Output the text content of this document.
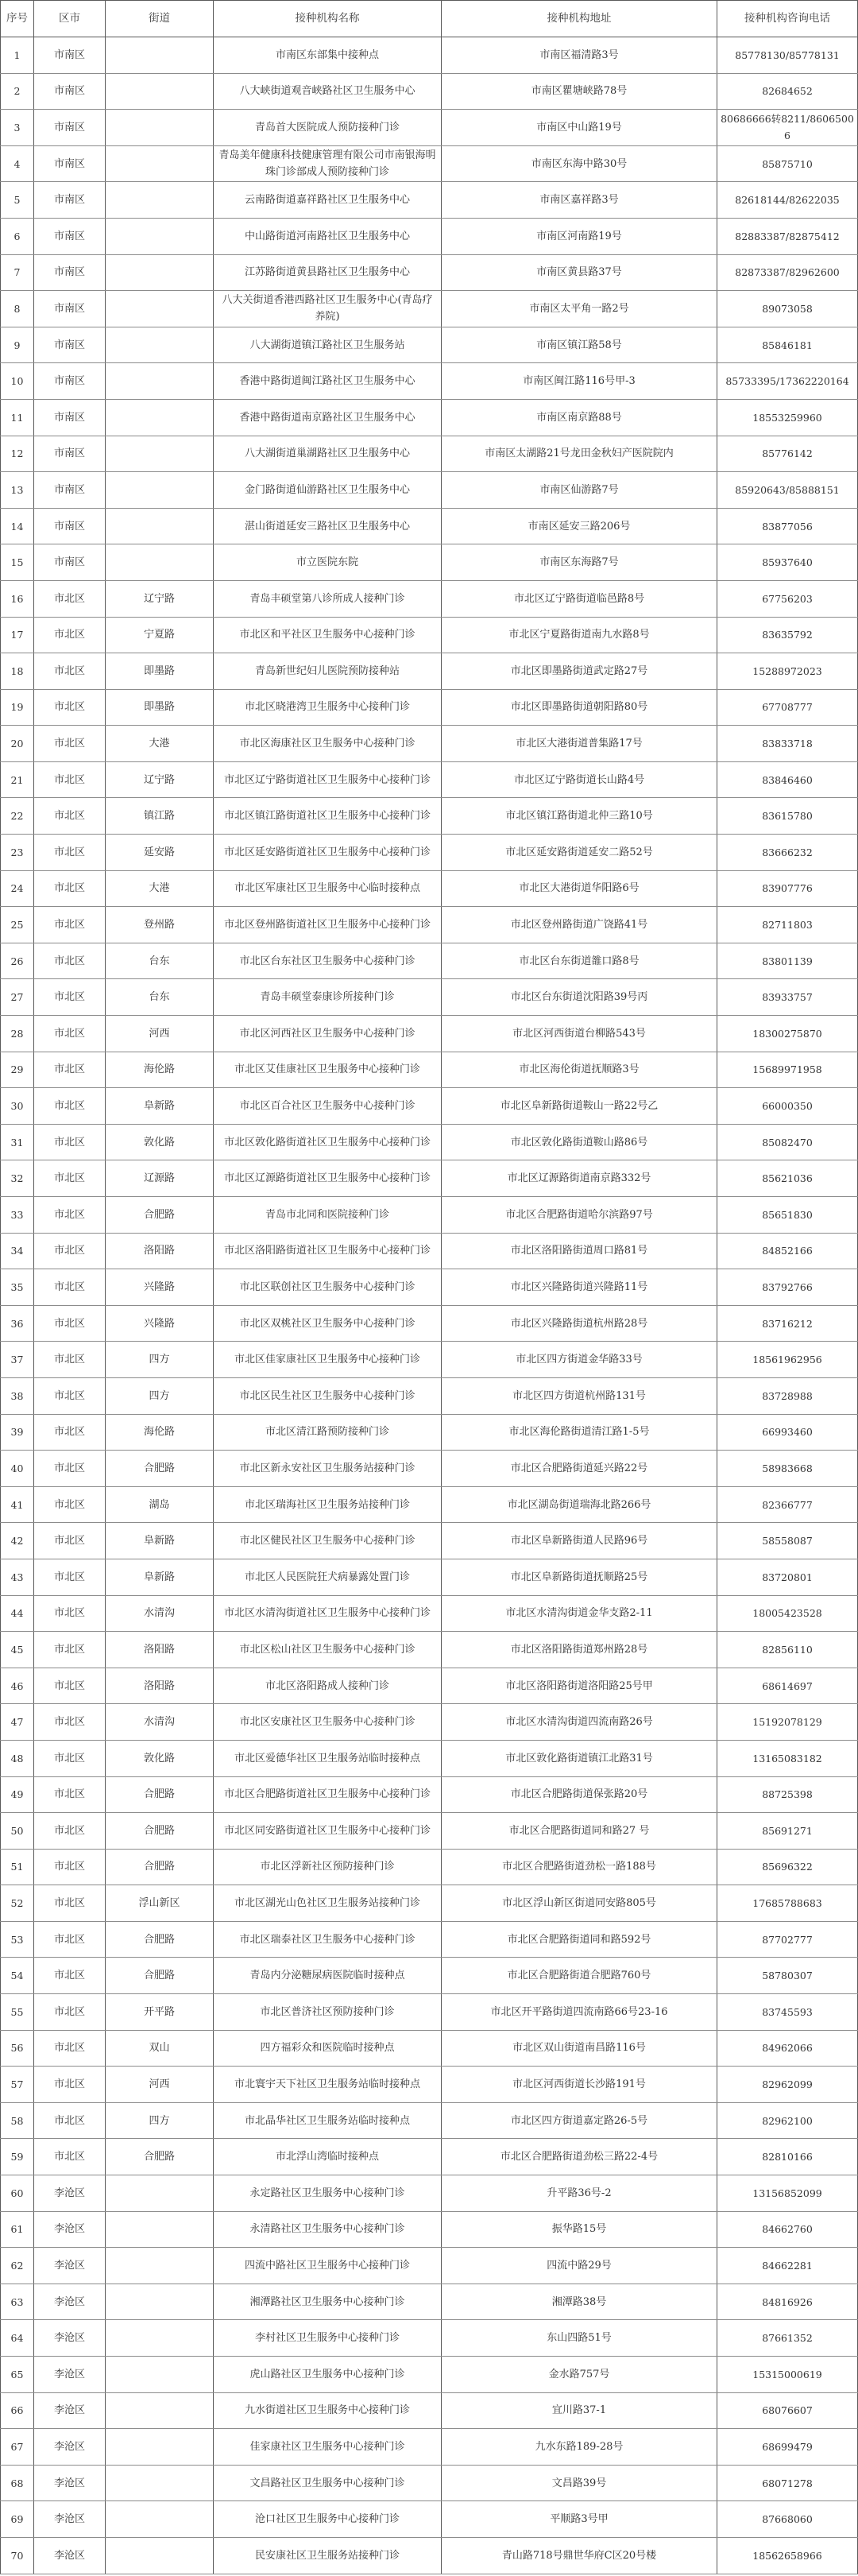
序号	区市	街道	接种机构名称	接种机构地址	接种机构咨询电话
1	市南区		市南区东部集中接种点	市南区福清路3号	85778130/85778131
2	市南区		八大峡街道观音峡路社区卫生服务中心	市南区瞿塘峡路78号	82684652
3	市南区		青岛首大医院成人预防接种门诊	市南区中山路19号	80686666转8211/86065006
4	市南区		青岛美年健康科技健康管理有限公司市南银海明珠门诊部成人预防接种门诊	市南区东海中路30号	85875710
5	市南区		云南路街道嘉祥路社区卫生服务中心	市南区嘉祥路3号	82618144/82622035
6	市南区		中山路街道河南路社区卫生服务中心	市南区河南路19号	82883387/82875412
7	市南区		江苏路街道黄县路社区卫生服务中心	市南区黄县路37号	82873387/82962600
8	市南区		八大关街道香港西路社区卫生服务中心(青岛疗养院)	市南区太平角一路2号	89073058
9	市南区		八大湖街道镇江路社区卫生服务站	市南区镇江路58号	85846181
10	市南区		香港中路街道闽江路社区卫生服务中心	市南区闽江路116号甲-3	85733395/17362220164
11	市南区		香港中路街道南京路社区卫生服务中心	市南区南京路88号	18553259960
12	市南区		八大湖街道巢湖路社区卫生服务中心	市南区太湖路21号龙田金秋妇产医院院内	85776142
13	市南区		金门路街道仙游路社区卫生服务中心	市南区仙游路7号	85920643/85888151
14	市南区		湛山街道延安三路社区卫生服务中心	市南区延安三路206号	83877056
15	市南区		市立医院东院	市南区东海路7号	85937640
16	市北区	辽宁路	青岛丰硕堂第八诊所成人接种门诊	市北区辽宁路街道临邑路8号	67756203
17	市北区	宁夏路	市北区和平社区卫生服务中心接种门诊	市北区宁夏路街道南九水路8号	83635792
18	市北区	即墨路	青岛新世纪妇儿医院预防接种站	市北区即墨路街道武定路27号	15288972023
19	市北区	即墨路	市北区晓港湾卫生服务中心接种门诊	市北区即墨路街道朝阳路80号	67708777
20	市北区	大港	市北区海康社区卫生服务中心接种门诊	市北区大港街道普集路17号	83833718
21	市北区	辽宁路	市北区辽宁路街道社区卫生服务中心接种门诊	市北区辽宁路街道长山路4号	83846460
22	市北区	镇江路	市北区镇江路街道社区卫生服务中心接种门诊	市北区镇江路街道北仲三路10号	83615780
23	市北区	延安路	市北区延安路街道社区卫生服务中心接种门诊	市北区延安路街道延安二路52号	83666232
24	市北区	大港	市北区军康社区卫生服务中心临时接种点	市北区大港街道华阳路6号	83907776
25	市北区	登州路	市北区登州路街道社区卫生服务中心接种门诊	市北区登州路街道广饶路41号	82711803
26	市北区	台东	市北区台东社区卫生服务中心接种门诊	市北区台东街道雒口路8号	83801139
27	市北区	台东	青岛丰硕堂泰康诊所接种门诊	市北区台东街道沈阳路39号丙	83933757
28	市北区	河西	市北区河西社区卫生服务中心接种门诊	市北区河西街道台柳路543号	18300275870
29	市北区	海伦路	市北区艾佳康社区卫生服务中心接种门诊	市北区海伦街道抚顺路3号	15689971958
30	市北区	阜新路	市北区百合社区卫生服务中心接种门诊	市北区阜新路街道鞍山一路22号乙	66000350
31	市北区	敦化路	市北区敦化路街道社区卫生服务中心接种门诊	市北区敦化路街道鞍山路86号	85082470
32	市北区	辽源路	市北区辽源路街道社区卫生服务中心接种门诊	市北区辽源路街道南京路332号	85621036
33	市北区	合肥路	青岛市北同和医院接种门诊	市北区合肥路街道哈尔滨路97号	85651830
34	市北区	洛阳路	市北区洛阳路街道社区卫生服务中心接种门诊	市北区洛阳路街道周口路81号	84852166
35	市北区	兴隆路	市北区联创社区卫生服务中心接种门诊	市北区兴隆路街道兴隆路11号	83792766
36	市北区	兴隆路	市北区双桃社区卫生服务中心接种门诊	市北区兴隆路街道杭州路28号	83716212
37	市北区	四方	市北区佳家康社区卫生服务中心接种门诊	市北区四方街道金华路33号	18561962956
38	市北区	四方	市北区民生社区卫生服务中心接种门诊	市北区四方街道杭州路131号	83728988
39	市北区	海伦路	市北区清江路预防接种门诊	市北区海伦路街道清江路1-5号	66993460
40	市北区	合肥路	市北区新永安社区卫生服务站接种门诊	市北区合肥路街道延兴路22号	58983668
41	市北区	湖岛	市北区瑞海社区卫生服务站接种门诊	市北区湖岛街道瑞海北路266号	82366777
42	市北区	阜新路	市北区健民社区卫生服务中心接种门诊	市北区阜新路街道人民路96号	58558087
43	市北区	阜新路	市北区人民医院狂犬病暴露处置门诊	市北区阜新路街道抚顺路25号	83720801
44	市北区	水清沟	市北区水清沟街道社区卫生服务中心接种门诊	市北区水清沟街道金华支路2-11	18005423528
45	市北区	洛阳路	市北区松山社区卫生服务中心接种门诊	市北区洛阳路街道郑州路28号	82856110
46	市北区	洛阳路	市北区洛阳路成人接种门诊	市北区洛阳路街道洛阳路25号甲	68614697
47	市北区	水清沟	市北区安康社区卫生服务中心接种门诊	市北区水清沟街道四流南路26号	15192078129
48	市北区	敦化路	市北区爱德华社区卫生服务站临时接种点	市北区敦化路街道镇江北路31号	13165083182
49	市北区	合肥路	市北区合肥路街道社区卫生服务中心接种门诊	市北区合肥路街道保张路20号	88725398
50	市北区	合肥路	市北区同安路街道社区卫生服务中心接种门诊	市北区合肥路街道同和路27 号	85691271
51	市北区	合肥路	市北区浮新社区预防接种门诊	市北区合肥路街道劲松一路188号	85696322
52	市北区	浮山新区	市北区湖光山色社区卫生服务站接种门诊	市北区浮山新区街道同安路805号	17685788683
53	市北区	合肥路	市北区瑞泰社区卫生服务中心接种门诊	市北区合肥路街道同和路592号	87702777
54	市北区	合肥路	青岛内分泌糖尿病医院临时接种点	市北区合肥路街道合肥路760号	58780307
55	市北区	开平路	市北区普济社区预防接种门诊	市北区开平路街道四流南路66号23-16	83745593
56	市北区	双山	四方福彩众和医院临时接种点	市北区双山街道南昌路116号	84962066
57	市北区	河西	市北寰宇天下社区卫生服务站临时接种点	市北区河西街道长沙路191号	82962099
58	市北区	四方	市北晶华社区卫生服务站临时接种点	市北区四方街道嘉定路26-5号	82962100
59	市北区	合肥路	市北浮山湾临时接种点	市北区合肥路街道劲松三路22-4号	82810166
60	李沧区		永定路社区卫生服务中心接种门诊	升平路36号-2	13156852099
61	李沧区		永清路社区卫生服务中心接种门诊	振华路15号	84662760
62	李沧区		四流中路社区卫生服务中心接种门诊	四流中路29号	84662281
63	李沧区		湘潭路社区卫生服务中心接种门诊	湘潭路38号	84816926
64	李沧区		李村社区卫生服务中心接种门诊	东山四路51号	87661352
65	李沧区		虎山路社区卫生服务中心接种门诊	金水路757号	15315000619
66	李沧区		九水街道社区卫生服务中心接种门诊	宜川路37-1	68076607
67	李沧区		佳家康社区卫生服务中心接种门诊	九水东路189-28号	68699479
68	李沧区		文昌路社区卫生服务中心接种门诊	文昌路39号	68071278
69	李沧区		沧口社区卫生服务中心接种门诊	平顺路3号甲	87668060
70	李沧区		民安康社区卫生服务站接种门诊	青山路718号鼎世华府C区20号楼	18562658966
